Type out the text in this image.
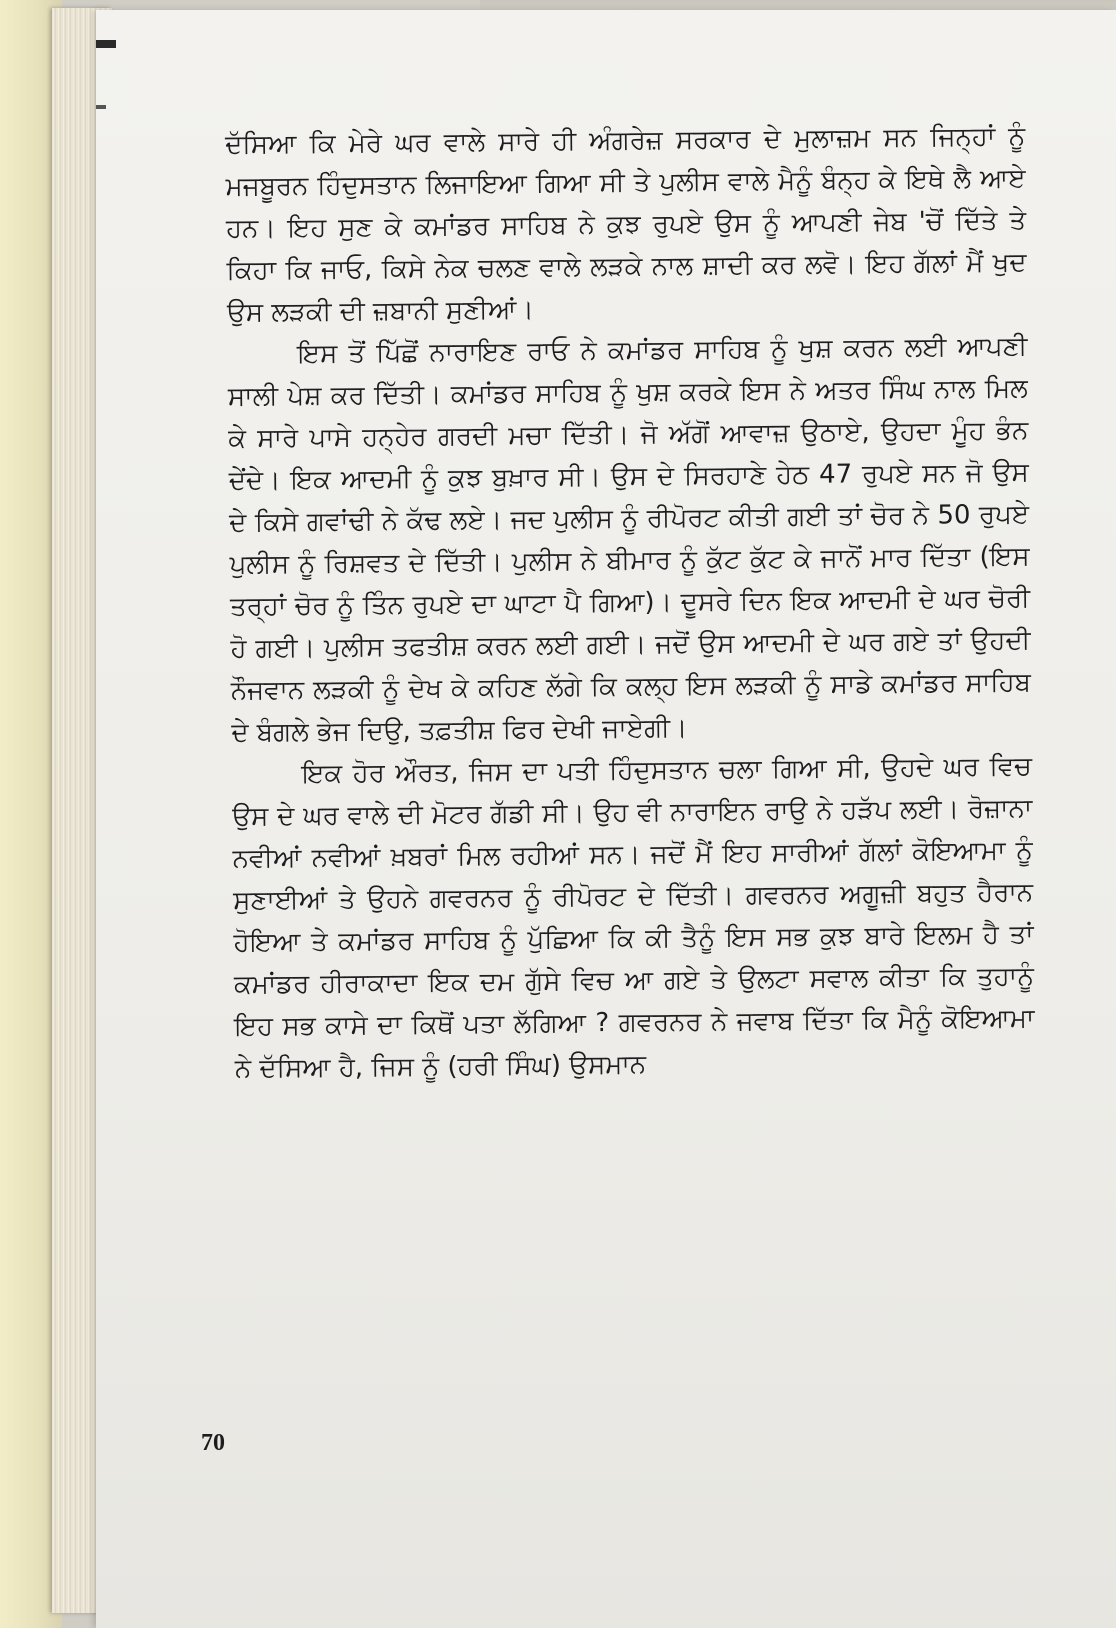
ਦੱਸਿਆ ਕਿ ਮੇਰੇ ਘਰ ਵਾਲੇ ਸਾਰੇ ਹੀ ਅੰਗਰੇਜ਼ ਸਰਕਾਰ ਦੇ ਮੁਲਾਜ਼ਮ ਸਨ ਜਿਨ੍ਹਾਂ ਨੂੰ ਮਜਬੂਰਨ ਹਿੰਦੁਸਤਾਨ ਲਿਜਾਇਆ ਗਿਆ ਸੀ ਤੇ ਪੁਲੀਸ ਵਾਲੇ ਮੈਨੂੰ ਬੰਨ੍ਹ ਕੇ ਇਥੇ ਲੈ ਆਏ ਹਨ। ਇਹ ਸੁਣ ਕੇ ਕਮਾਂਡਰ ਸਾਹਿਬ ਨੇ ਕੁਝ ਰੁਪਏ ਉਸ ਨੂੰ ਆਪਣੀ ਜੇਬ 'ਚੋਂ ਦਿੱਤੇ ਤੇ ਕਿਹਾ ਕਿ ਜਾਓ, ਕਿਸੇ ਨੇਕ ਚਲਣ ਵਾਲੇ ਲੜਕੇ ਨਾਲ ਸ਼ਾਦੀ ਕਰ ਲਵੋ। ਇਹ ਗੱਲਾਂ ਮੈਂ ਖੁਦ ਉਸ ਲੜਕੀ ਦੀ ਜ਼ਬਾਨੀ ਸੁਣੀਆਂ।

ਇਸ ਤੋਂ ਪਿੱਛੋਂ ਨਾਰਾਇਣ ਰਾਓ ਨੇ ਕਮਾਂਡਰ ਸਾਹਿਬ ਨੂੰ ਖੁਸ਼ ਕਰਨ ਲਈ ਆਪਣੀ ਸਾਲੀ ਪੇਸ਼ ਕਰ ਦਿੱਤੀ। ਕਮਾਂਡਰ ਸਾਹਿਬ ਨੂੰ ਖੁਸ਼ ਕਰਕੇ ਇਸ ਨੇ ਅਤਰ ਸਿੰਘ ਨਾਲ ਮਿਲ ਕੇ ਸਾਰੇ ਪਾਸੇ ਹਨ੍ਹੇਰ ਗਰਦੀ ਮਚਾ ਦਿੱਤੀ। ਜੋ ਅੱਗੋਂ ਆਵਾਜ਼ ਉਠਾਏ, ਉਹਦਾ ਮੂੰਹ ਭੰਨ ਦੇਂਦੇ। ਇਕ ਆਦਮੀ ਨੂੰ ਕੁਝ ਬੁਖ਼ਾਰ ਸੀ। ਉਸ ਦੇ ਸਿਰਹਾਣੇ ਹੇਠ 47 ਰੁਪਏ ਸਨ ਜੋ ਉਸ ਦੇ ਕਿਸੇ ਗਵਾਂਢੀ ਨੇ ਕੱਢ ਲਏ। ਜਦ ਪੁਲੀਸ ਨੂੰ ਰੀਪੋਰਟ ਕੀਤੀ ਗਈ ਤਾਂ ਚੋਰ ਨੇ 50 ਰੁਪਏ ਪੁਲੀਸ ਨੂੰ ਰਿਸ਼ਵਤ ਦੇ ਦਿੱਤੀ। ਪੁਲੀਸ ਨੇ ਬੀਮਾਰ ਨੂੰ ਕੁੱਟ ਕੁੱਟ ਕੇ ਜਾਨੋਂ ਮਾਰ ਦਿੱਤਾ (ਇਸ ਤਰ੍ਹਾਂ ਚੋਰ ਨੂੰ ਤਿੰਨ ਰੁਪਏ ਦਾ ਘਾਟਾ ਪੈ ਗਿਆ)। ਦੂਸਰੇ ਦਿਨ ਇਕ ਆਦਮੀ ਦੇ ਘਰ ਚੋਰੀ ਹੋ ਗਈ। ਪੁਲੀਸ ਤਫਤੀਸ਼ ਕਰਨ ਲਈ ਗਈ। ਜਦੋਂ ਉਸ ਆਦਮੀ ਦੇ ਘਰ ਗਏ ਤਾਂ ਉਹਦੀ ਨੌਜਵਾਨ ਲੜਕੀ ਨੂੰ ਦੇਖ ਕੇ ਕਹਿਣ ਲੱਗੇ ਕਿ ਕਲ੍ਹ ਇਸ ਲੜਕੀ ਨੂੰ ਸਾਡੇ ਕਮਾਂਡਰ ਸਾਹਿਬ ਦੇ ਬੰਗਲੇ ਭੇਜ ਦਿਉ, ਤਫ਼ਤੀਸ਼ ਫਿਰ ਦੇਖੀ ਜਾਏਗੀ।

ਇਕ ਹੋਰ ਔਰਤ, ਜਿਸ ਦਾ ਪਤੀ ਹਿੰਦੁਸਤਾਨ ਚਲਾ ਗਿਆ ਸੀ, ਉਹਦੇ ਘਰ ਵਿਚ ਉਸ ਦੇ ਘਰ ਵਾਲੇ ਦੀ ਮੋਟਰ ਗੱਡੀ ਸੀ। ਉਹ ਵੀ ਨਾਰਾਇਨ ਰਾਉ ਨੇ ਹੜੱਪ ਲਈ। ਰੋਜ਼ਾਨਾ ਨਵੀਆਂ ਨਵੀਆਂ ਖ਼ਬਰਾਂ ਮਿਲ ਰਹੀਆਂ ਸਨ। ਜਦੋਂ ਮੈਂ ਇਹ ਸਾਰੀਆਂ ਗੱਲਾਂ ਕੋਇਆਮਾ ਨੂੰ ਸੁਣਾਈਆਂ ਤੇ ਉਹਨੇ ਗਵਰਨਰ ਨੂੰ ਰੀਪੋਰਟ ਦੇ ਦਿੱਤੀ। ਗਵਰਨਰ ਅਗੂਜ਼ੀ ਬਹੁਤ ਹੈਰਾਨ ਹੋਇਆ ਤੇ ਕਮਾਂਡਰ ਸਾਹਿਬ ਨੂੰ ਪੁੱਛਿਆ ਕਿ ਕੀ ਤੈਨੂੰ ਇਸ ਸਭ ਕੁਝ ਬਾਰੇ ਇਲਮ ਹੈ ਤਾਂ ਕਮਾਂਡਰ ਹੀਰਾਕਾਦਾ ਇਕ ਦਮ ਗੁੱਸੇ ਵਿਚ ਆ ਗਏ ਤੇ ਉਲਟਾ ਸਵਾਲ ਕੀਤਾ ਕਿ ਤੁਹਾਨੂੰ ਇਹ ਸਭ ਕਾਸੇ ਦਾ ਕਿਥੋਂ ਪਤਾ ਲੱਗਿਆ ? ਗਵਰਨਰ ਨੇ ਜਵਾਬ ਦਿੱਤਾ ਕਿ ਮੈਨੂੰ ਕੋਇਆਮਾ ਨੇ ਦੱਸਿਆ ਹੈ, ਜਿਸ ਨੂੰ (ਹਰੀ ਸਿੰਘ) ਉਸਮਾਨ

70
